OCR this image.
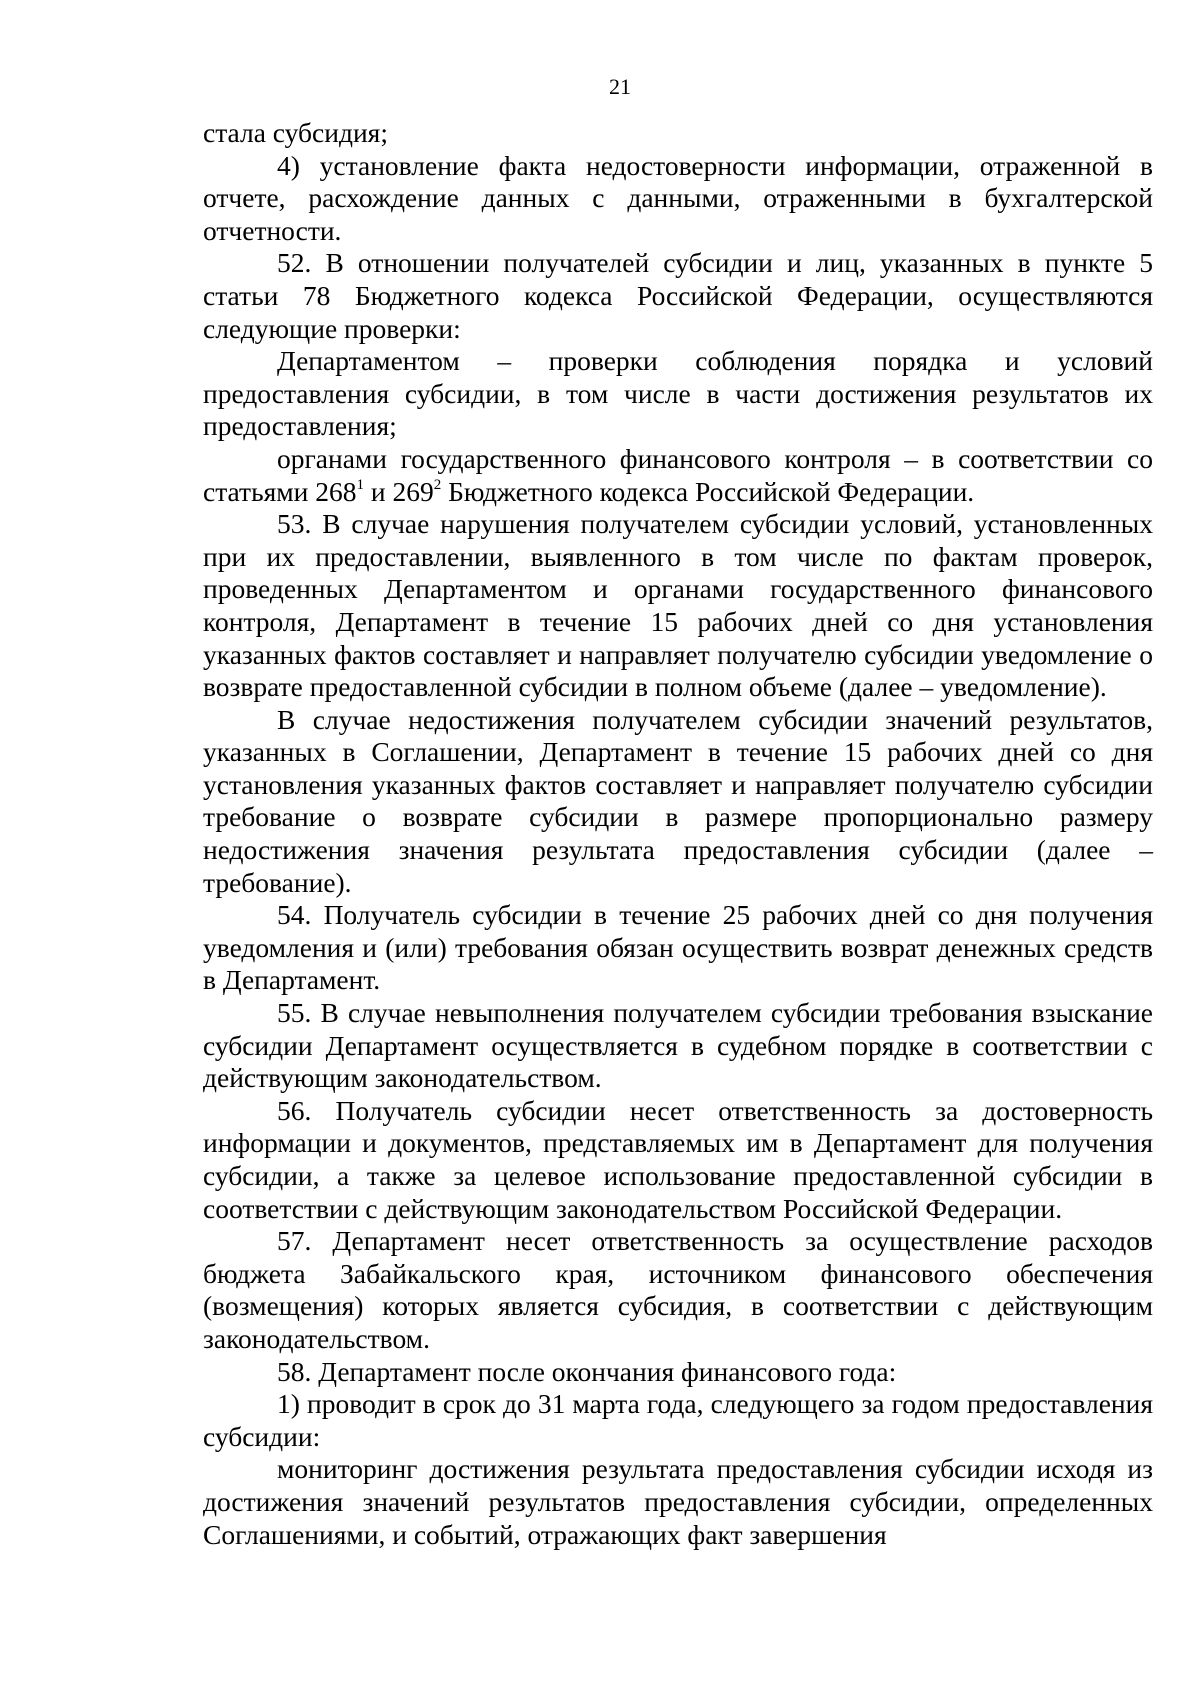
21

стала субсидия;

4) установление факта недостоверности информации, отраженной в отчете, расхождение данных с данными, отраженными в бухгалтерской отчетности.

52. В отношении получателей субсидии и лиц, указанных в пункте 5 статьи 78 Бюджетного кодекса Российской Федерации, осуществляются следующие проверки:

Департаментом – проверки соблюдения порядка и условий предоставления субсидии, в том числе в части достижения результатов их предоставления;

органами государственного финансового контроля – в соответствии со статьями $268^1$ и $269^2$ Бюджетного кодекса Российской Федерации.

53. В случае нарушения получателем субсидии условий, установленных при их предоставлении, выявленного в том числе по фактам проверок, проведенных Департаментом и органами государственного финансового контроля, Департамент в течение 15 рабочих дней со дня установления указанных фактов составляет и направляет получателю субсидии уведомление о возврате предоставленной субсидии в полном объеме (далее – уведомление).

В случае недостижения получателем субсидии значений результатов, указанных в Соглашении, Департамент в течение 15 рабочих дней со дня установления указанных фактов составляет и направляет получателю субсидии требование о возврате субсидии в размере пропорционально размеру недостижения значения результата предоставления субсидии (далее – требование).

54. Получатель субсидии в течение 25 рабочих дней со дня получения уведомления и (или) требования обязан осуществить возврат денежных средств в Департамент.

55. В случае невыполнения получателем субсидии требования взыскание субсидии Департамент осуществляется в судебном порядке в соответствии с действующим законодательством.

56. Получатель субсидии несет ответственность за достоверность информации и документов, представляемых им в Департамент для получения субсидии, а также за целевое использование предоставленной субсидии в соответствии с действующим законодательством Российской Федерации.

57. Департамент несет ответственность за осуществление расходов бюджета Забайкальского края, источником финансового обеспечения (возмещения) которых является субсидия, в соответствии с действующим законодательством.

58. Департамент после окончания финансового года:

1) проводит в срок до 31 марта года, следующего за годом предоставления субсидии:

мониторинг достижения результата предоставления субсидии исходя из достижения значений результатов предоставления субсидии, определенных Соглашениями, и событий, отражающих факт завершения
